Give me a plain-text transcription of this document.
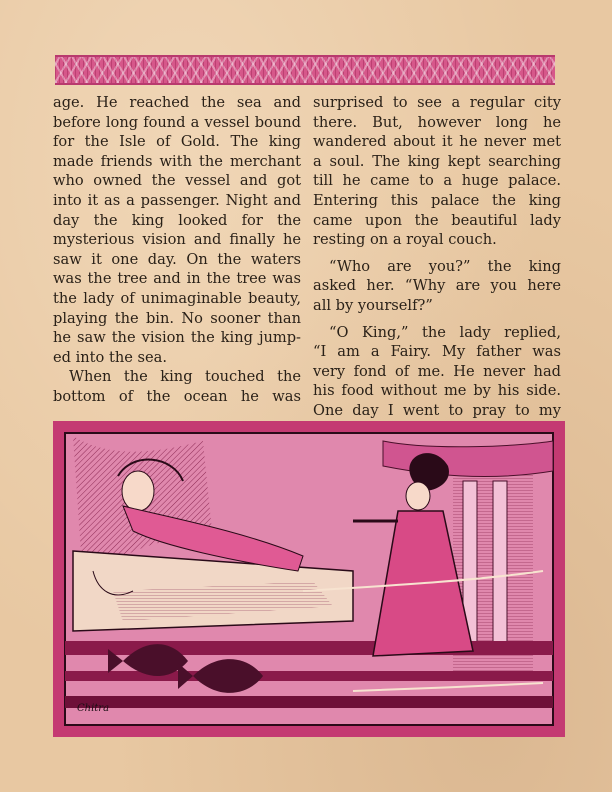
age. He reached the sea and

before long found a vessel bound

for the Isle of Gold. The king

made friends with the merchant

who owned the vessel and got

into it as a passenger. Night and

day the king looked for the

mysterious vision and finally he

saw it one day. On the waters

was the tree and in the tree was

the lady of unimaginable beauty,

playing the bin. No sooner than

he saw the vision the king jump-

ed into the sea.

When the king touched the

bottom of the ocean he was

surprised to see a regular city

there. But, however long he

wandered about it he never met

a soul. The king kept searching

till he came to a huge palace.

Entering this palace the king

came upon the beautiful lady

resting on a royal couch.

“Who are you?” the king

asked her. “Why are you here

all by yourself?”

“O King,” the lady replied,

“I am a Fairy. My father was

very fond of me. He never had

his food without me by his side.

One day I went to pray to my

Chitra
